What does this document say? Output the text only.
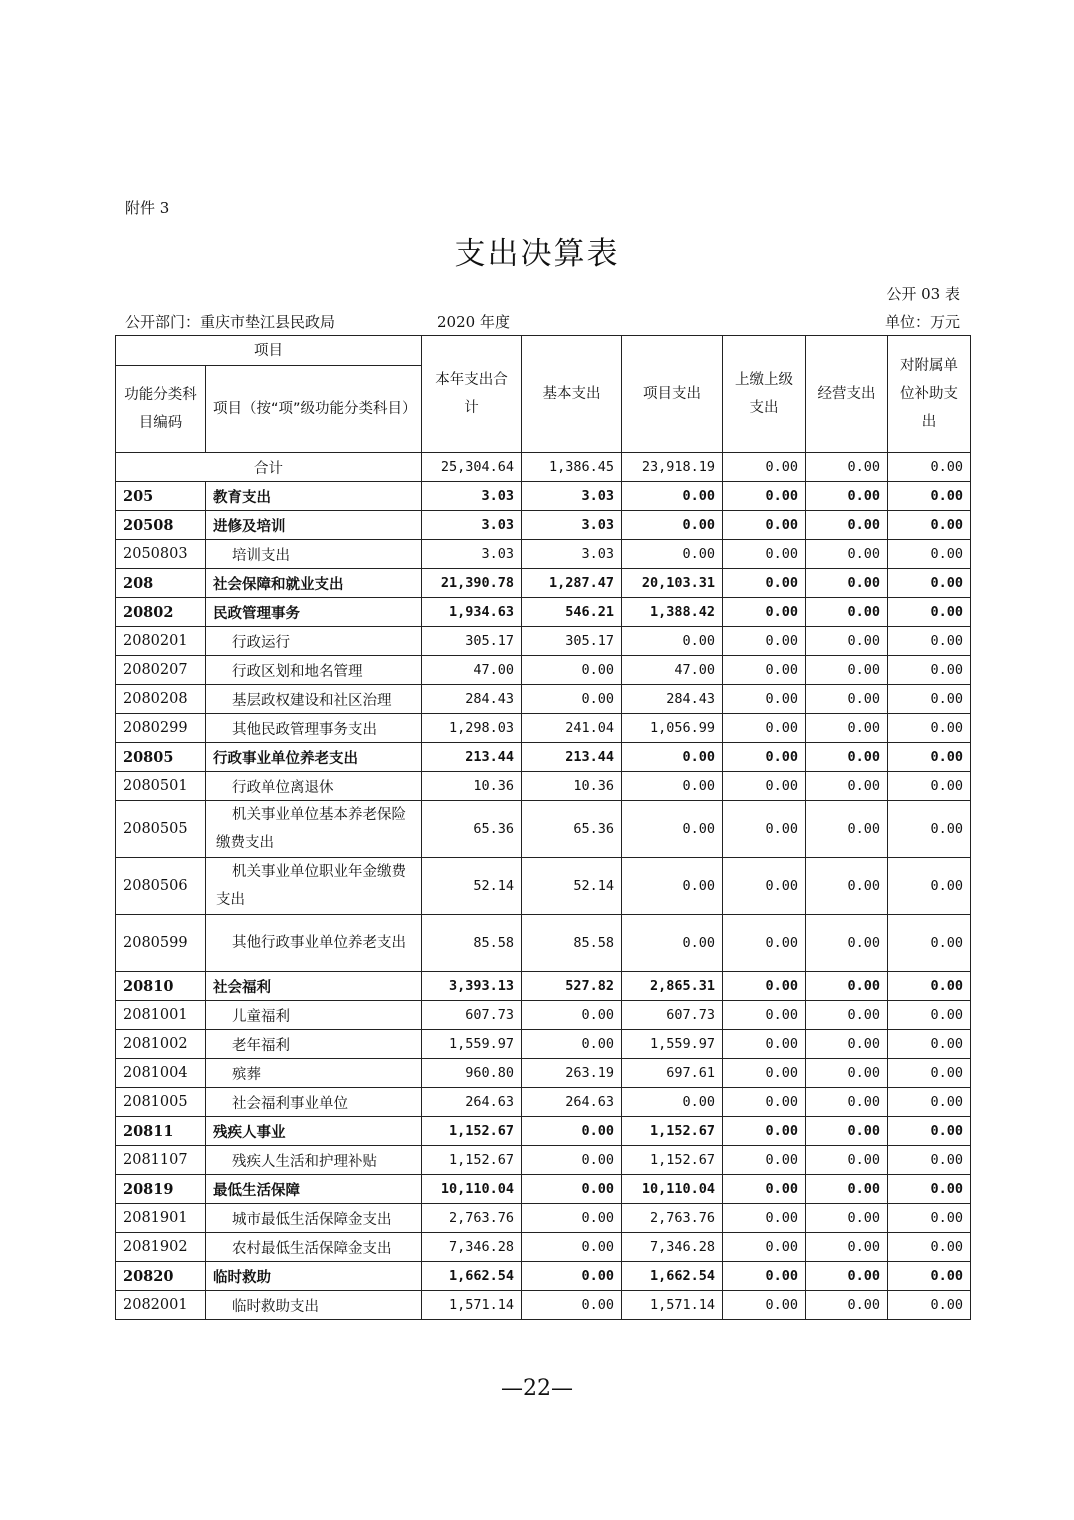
附件 3
支出决算表
公开 03 表
公开部门：重庆市垫江县民政局	2020 年度	单位：万元
项目		本年支出合计	基本支出	项目支出	上缴上级支出	经营支出	对附属单位补助支出
功能分类科目编码	项目（按“项”级功能分类科目）						
合计		25,304.64	1,386.45	23,918.19	0.00	0.00	0.00
205	教育支出	3.03	3.03	0.00	0.00	0.00	0.00
20508	进修及培训	3.03	3.03	0.00	0.00	0.00	0.00
2050803	培训支出	3.03	3.03	0.00	0.00	0.00	0.00
208	社会保障和就业支出	21,390.78	1,287.47	20,103.31	0.00	0.00	0.00
20802	民政管理事务	1,934.63	546.21	1,388.42	0.00	0.00	0.00
2080201	行政运行	305.17	305.17	0.00	0.00	0.00	0.00
2080207	行政区划和地名管理	47.00	0.00	47.00	0.00	0.00	0.00
2080208	基层政权建设和社区治理	284.43	0.00	284.43	0.00	0.00	0.00
2080299	其他民政管理事务支出	1,298.03	241.04	1,056.99	0.00	0.00	0.00
20805	行政事业单位养老支出	213.44	213.44	0.00	0.00	0.00	0.00
2080501	行政单位离退休	10.36	10.36	0.00	0.00	0.00	0.00
2080505	机关事业单位基本养老保险缴费支出	65.36	65.36	0.00	0.00	0.00	0.00
2080506	机关事业单位职业年金缴费支出	52.14	52.14	0.00	0.00	0.00	0.00
2080599	其他行政事业单位养老支出	85.58	85.58	0.00	0.00	0.00	0.00
20810	社会福利	3,393.13	527.82	2,865.31	0.00	0.00	0.00
2081001	儿童福利	607.73	0.00	607.73	0.00	0.00	0.00
2081002	老年福利	1,559.97	0.00	1,559.97	0.00	0.00	0.00
2081004	殡葬	960.80	263.19	697.61	0.00	0.00	0.00
2081005	社会福利事业单位	264.63	264.63	0.00	0.00	0.00	0.00
20811	残疾人事业	1,152.67	0.00	1,152.67	0.00	0.00	0.00
2081107	残疾人生活和护理补贴	1,152.67	0.00	1,152.67	0.00	0.00	0.00
20819	最低生活保障	10,110.04	0.00	10,110.04	0.00	0.00	0.00
2081901	城市最低生活保障金支出	2,763.76	0.00	2,763.76	0.00	0.00	0.00
2081902	农村最低生活保障金支出	7,346.28	0.00	7,346.28	0.00	0.00	0.00
20820	临时救助	1,662.54	0.00	1,662.54	0.00	0.00	0.00
2082001	临时救助支出	1,571.14	0.00	1,571.14	0.00	0.00	0.00
—22—
